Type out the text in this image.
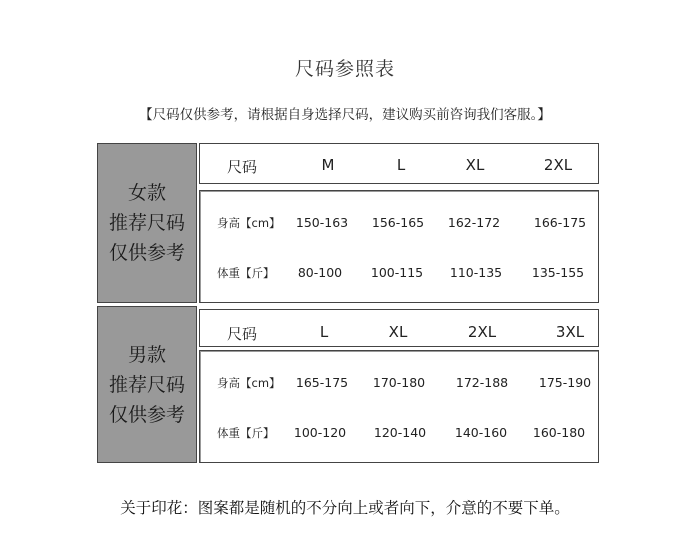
尺码参照表
【尺码仅供参考，请根据自身选择尺码，建议购买前咨询我们客服。】
女款
推荐尺码
仅供参考
尺码	M	L	XL	2XL
身高【cm】 150-163 156-165 162-172	166-175
体重【斤】 80-100 100-115 110-135 135-155
男款
推荐尺码
仅供参考
尺码	L	XL	2XL	3XL
身高【cm】 165-175 170-180 172-188 175-190
体重【斤】 100-120 120-140 140-160 160-180
关于印花：图案都是随机的不分向上或者向下，介意的不要下单。
